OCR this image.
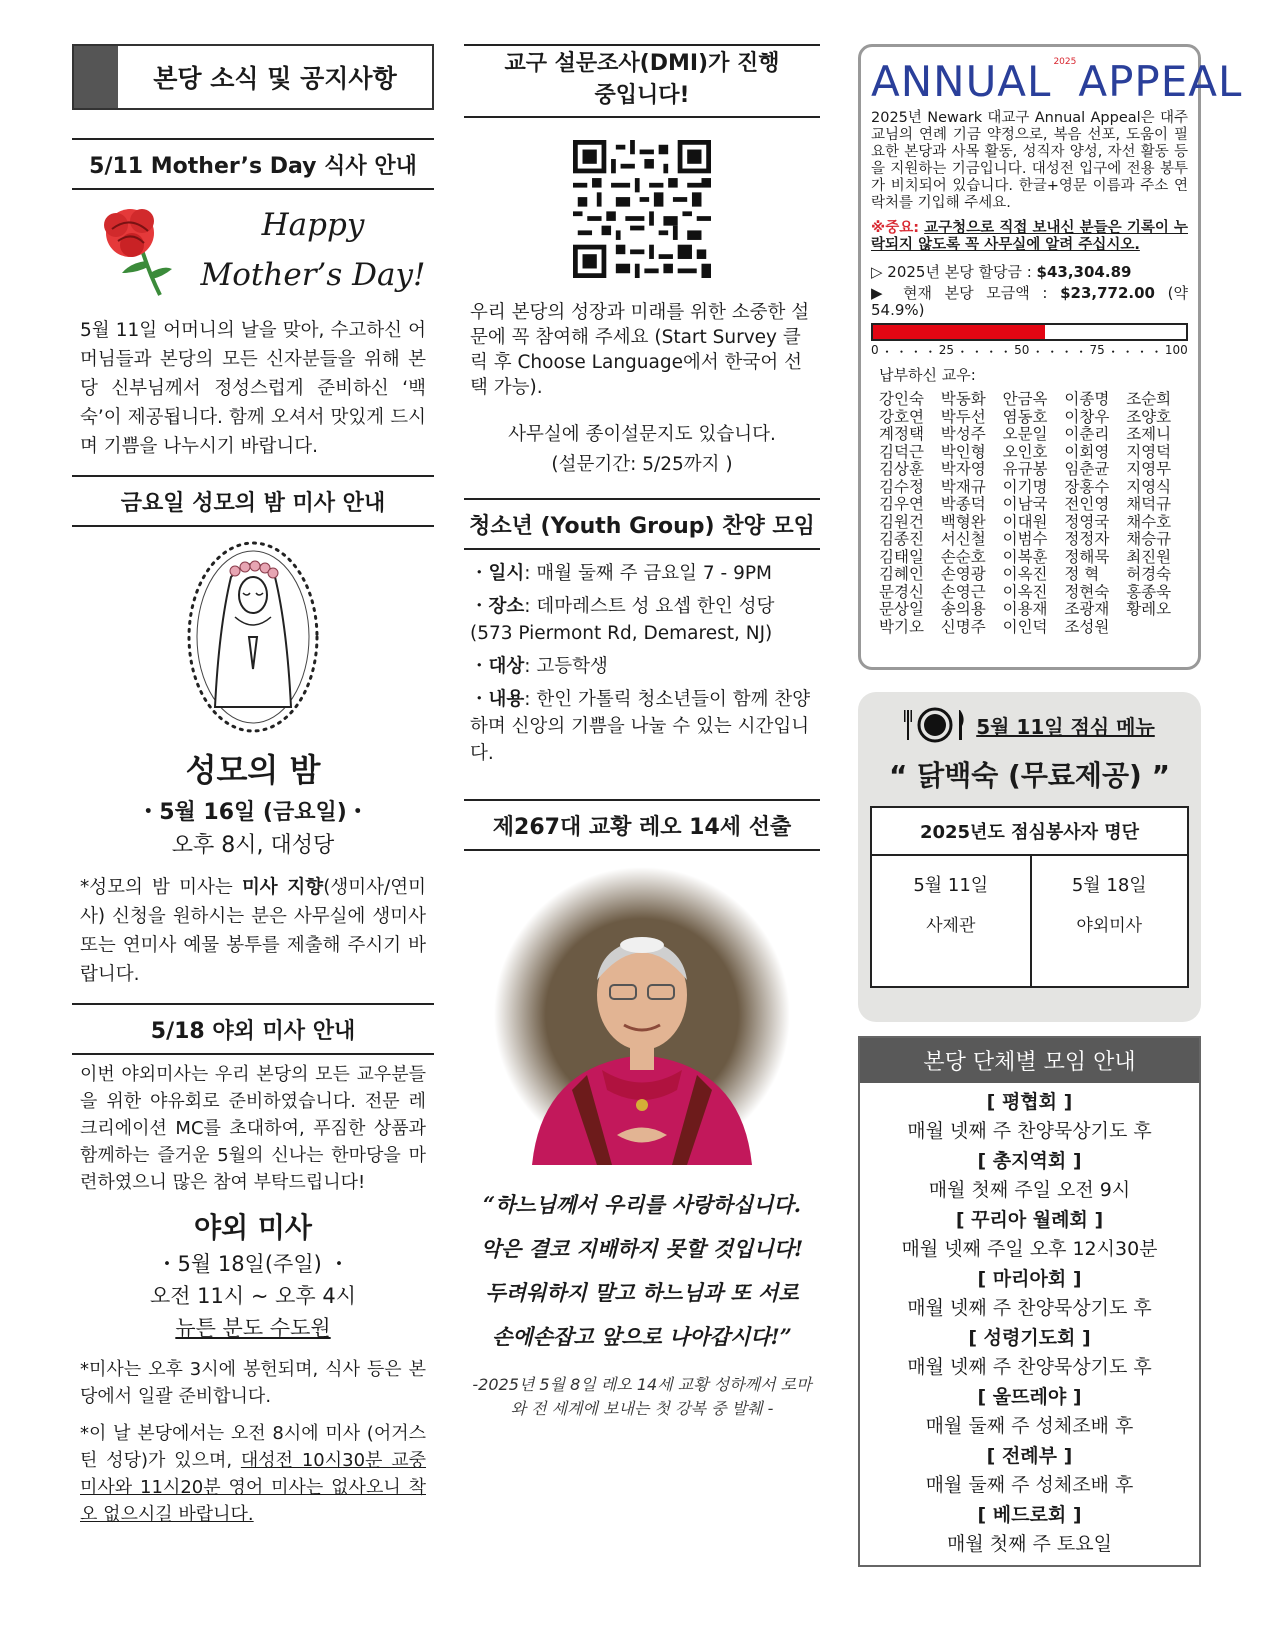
본당 소식 및 공지사항
5/11 Mother’s Day 식사 안내
Happy
Mother’s Day!

5월 11일 어머니의 날을 맞아, 수고하신 어머님들과 본당의 모든 신자분들을 위해 본당 신부님께서 정성스럽게 준비하신 ‘백숙’이 제공됩니다. 함께 오셔서 맛있게 드시며 기쁨을 나누시기 바랍니다.

금요일 성모의 밤 미사 안내
성모의 밤
・5월 16일 (금요일)・
오후 8시, 대성당

*성모의 밤 미사는 미사 지향(생미사/연미사) 신청을 원하시는 분은 사무실에 생미사 또는 연미사 예물 봉투를 제출해 주시기 바랍니다.

5/18 야외 미사 안내

이번 야외미사는 우리 본당의 모든 교우분들을 위한 야유회로 준비하였습니다. 전문 레크리에이션 MC를 초대하여, 푸짐한 상품과 함께하는 즐거운 5월의 신나는 한마당을 마련하였으니 많은 참여 부탁드립니다!

야외 미사
・5월 18일(주일) ・
오전 11시 ~ 오후 4시
뉴튼 분도 수도원

*미사는 오후 3시에 봉헌되며, 식사 등은 본당에서 일괄 준비합니다.

*이 날 본당에서는 오전 8시에 미사 (어거스틴 성당)가 있으며, 대성전 10시30분 교중 미사와 11시20분 영어 미사는 없사오니 착오 없으시길 바랍니다.

교구 설문조사(DMI)가 진행 중입니다!

우리 본당의 성장과 미래를 위한 소중한 설문에 꼭 참여해 주세요 (Start Survey 클릭 후 Choose Language에서 한국어 선택 가능).

사무실에 종이설문지도 있습니다.
(설문기간: 5/25까지 )
청소년 (Youth Group) 찬양 모임
・일시: 매월 둘째 주 금요일 7 - 9PM
・장소: 데마레스트 성 요셉 한인 성당 (573 Piermont Rd, Demarest, NJ)
・대상: 고등학생
・내용: 한인 가톨릭 청소년들이 함께 찬양하며 신앙의 기쁨을 나눌 수 있는 시간입니다.
제267대 교황 레오 14세 선출

“하느님께서 우리를 사랑하십니다. 악은 결코 지배하지 못할 것입니다! 두려워하지 말고 하느님과 또 서로 손에손잡고 앞으로 나아갑시다!”

-2025년 5월 8일 레오 14세 교황 성하께서 로마와 전 세계에 보내는 첫 강복 중 발췌 -

ANNUAL $^{2025}$APPEAL

2025년 Newark 대교구 Annual Appeal은 대주교님의 연례 기금 약정으로, 복음 선포, 도움이 필요한 본당과 사목 활동, 성직자 양성, 자선 활동 등을 지원하는 기금입니다. 대성전 입구에 전용 봉투가 비치되어 있습니다. 한글+영문 이름과 주소 연락처를 기입해 주세요.

※중요: 교구청으로 직접 보내신 분들은 기록이 누락되지 않도록 꼭 사무실에 알려 주십시오.

▷ 2025년 본당 할당금 : $43,304.89

▶ 현재 본당 모금액 : $23,772.00 (약 54.9%)

0 ・ ・ ・ ・ 25 ・ ・ ・ ・ 50 ・ ・ ・ ・ 75 ・ ・ ・ ・ 100
납부하신 교우:
강인숙	박동화	안금옥	이종명	조순희
강호연	박두선	염동호	이창우	조양호
계정택	박성주	오문일	이춘리	조제니
김덕근	박인형	오인호	이회영	지영덕
김상훈	박자영	유규봉	임춘균	지영무
김수정	박재규	이기명	장홍수	지영식
김우연	박종덕	이남국	전인영	채덕규
김원건	백형완	이대원	정영국	채수호
김종진	서신철	이범수	정정자	채승규
김태일	손순호	이복훈	정해묵	최진원
김혜인	손영광	이옥진	정 혁	허경숙
문경신	손영근	이옥진	정현숙	홍종욱
문상일	송의용	이용재	조광재	황레오
박기오	신명주	이인덕	조성원
5월 11일 점심 메뉴
“ 닭백숙 (무료제공) ”
2025년도 점심봉사자 명단
5월 11일
사제관
5월 18일
야외미사
본당 단체별 모임 안내
[ 평협회 ]
매월 넷째 주 찬양묵상기도 후
[ 총지역회 ]
매월 첫째 주일 오전 9시
[ 꾸리아 월례회 ]
매월 넷째 주일 오후 12시30분
[ 마리아회 ]
매월 넷째 주 찬양묵상기도 후
[ 성령기도회 ]
매월 넷째 주 찬양묵상기도 후
[ 울뜨레야 ]
매월 둘째 주 성체조배 후
[ 전례부 ]
매월 둘째 주 성체조배 후
[ 베드로회 ]
매월 첫째 주 토요일
